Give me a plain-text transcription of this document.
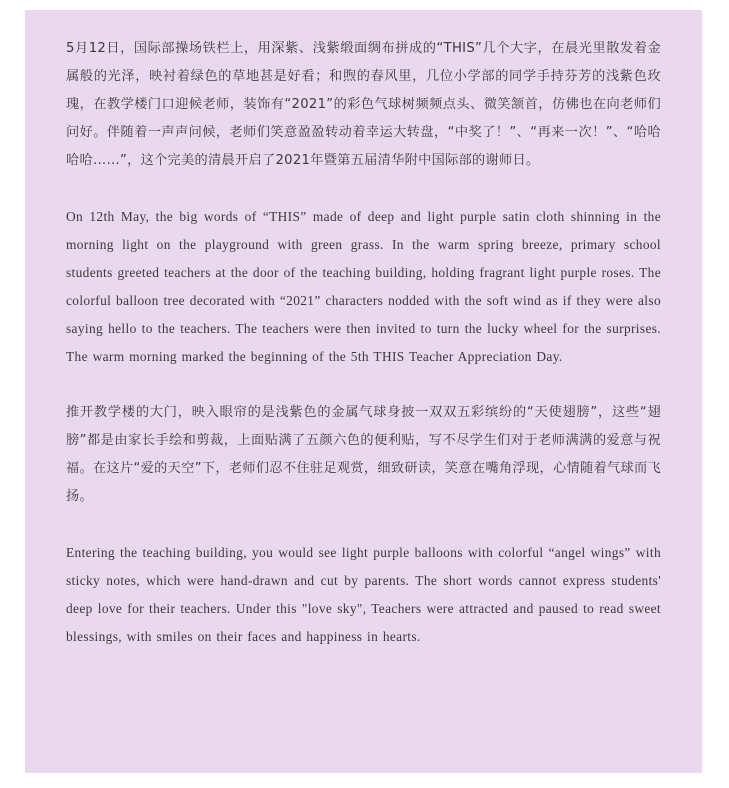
5月12日，国际部操场铁栏上，用深紫、浅紫缎面绸布拼成的“THIS”几个大字，在晨光里散发着金属般的光泽，映衬着绿色的草地甚是好看；和煦的春风里，几位小学部的同学手持芬芳的浅紫色玫瑰，在教学楼门口迎候老师，装饰有“2021”的彩色气球树频频点头、微笑颔首，仿佛也在向老师们问好。伴随着一声声问候，老师们笑意盈盈转动着幸运大转盘，“中奖了！”、“再来一次！”、“哈哈哈哈……”，这个完美的清晨开启了2021年暨第五届清华附中国际部的谢师日。

On 12th May, the big words of “THIS” made of deep and light purple satin cloth shinning in the morning light on the playground with green grass. In the warm spring breeze, primary school students greeted teachers at the door of the teaching building, holding fragrant light purple roses. The colorful balloon tree decorated with “2021” characters nodded with the soft wind as if they were also saying hello to the teachers. The teachers were then invited to turn the lucky wheel for the surprises. The warm morning marked the beginning of the 5th THIS Teacher Appreciation Day.

推开教学楼的大门，映入眼帘的是浅紫色的金属气球身披一双双五彩缤纷的“天使翅膀”，这些“翅膀”都是由家长手绘和剪裁，上面贴满了五颜六色的便利贴，写不尽学生们对于老师满满的爱意与祝福。在这片“爱的天空”下，老师们忍不住驻足观赏，细致研读，笑意在嘴角浮现，心情随着气球而飞扬。

Entering the teaching building, you would see light purple balloons with colorful “angel wings” with sticky notes, which were hand-drawn and cut by parents. The short words cannot express students' deep love for their teachers. Under this "love sky", Teachers were attracted and paused to read sweet blessings, with smiles on their faces and happiness in hearts.
